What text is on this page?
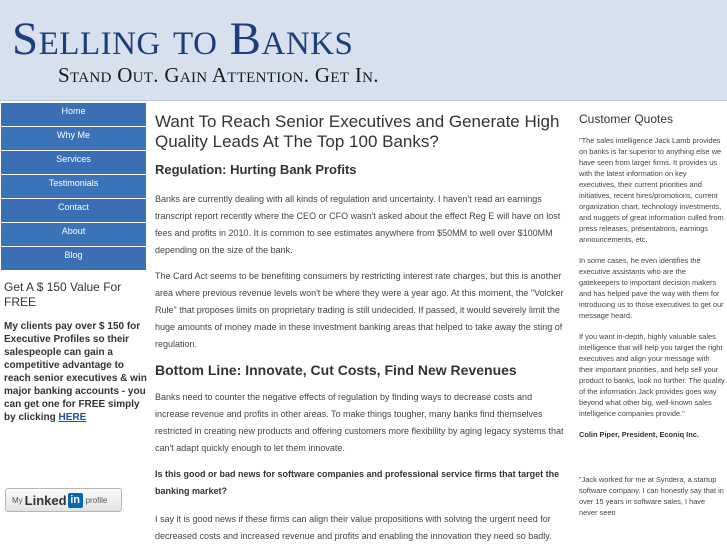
Selling to Banks
Stand Out. Gain Attention. Get In.
Home
Why Me
Services
Testimonials
Contact
About
Blog
Get A $ 150 Value For FREE
My clients pay over $ 150 for Executive Profiles so their salespeople can gain a competitive advantage to reach senior executives & win major banking accounts - you can get one for FREE simply by clicking HERE
My Linked in profile
Want To Reach Senior Executives and Generate High Quality Leads At The Top 100 Banks?
Regulation: Hurting Bank Profits

Banks are currently dealing with all kinds of regulation and uncertainty. I haven't read an earnings transcript report recently where the CEO or CFO wasn't asked about the effect Reg E will have on lost fees and profits in 2010. It is common to see estimates anywhere from $50MM to well over $100MM depending on the size of the bank.

The Card Act seems to be benefiting consumers by restricting interest rate charges, but this is another area where previous revenue levels won't be where they were a year ago. At this moment, the "Volcker Rule" that proposes limits on proprietary trading is still undecided. If passed, it would severely limit the huge amounts of money made in these investment banking areas that helped to take away the sting of regulation.

Bottom Line: Innovate, Cut Costs, Find New Revenues

Banks need to counter the negative effects of regulation by finding ways to decrease costs and increase revenue and profits in other areas. To make things tougher, many banks find themselves restricted in creating new products and offering customers more flexibility by aging legacy systems that can't adapt quickly enough to let them innovate.

Is this good or bad news for software companies and professional service firms that target the banking market?

I say it is good news if these firms can align their value propositions with solving the urgent need for decreased costs and increased revenue and profits and enabling the innovation they need so badly.

Customer Quotes

"The sales intelligence Jack Lamb provides on banks is far superior to anything else we have seen from larger firms. It provides us with the latest information on key executives, their current priorities and initiatives, recent hires/promotions, current organization chart, technology investments, and nuggets of great information culled from press releases, presentations, earnings announcements, etc.

In some cases, he even identifies the executive assistants who are the gatekeepers to important decision makers and has helped pave the way with them for introducing us to those executives to get our message heard.

If you want in-depth, highly valuable sales intelligence that will help you target the right executives and align your message with their important priorities, and help sell your product to banks, look no further. The quality of the information Jack provides goes way beyond what other big, well-known sales intelligence companies provide."

Colin Piper, President, Econiq Inc.

"Jack worked for me at Syndera, a startup software company. I can honestly say that in over 15 years in software sales, I have never seen
